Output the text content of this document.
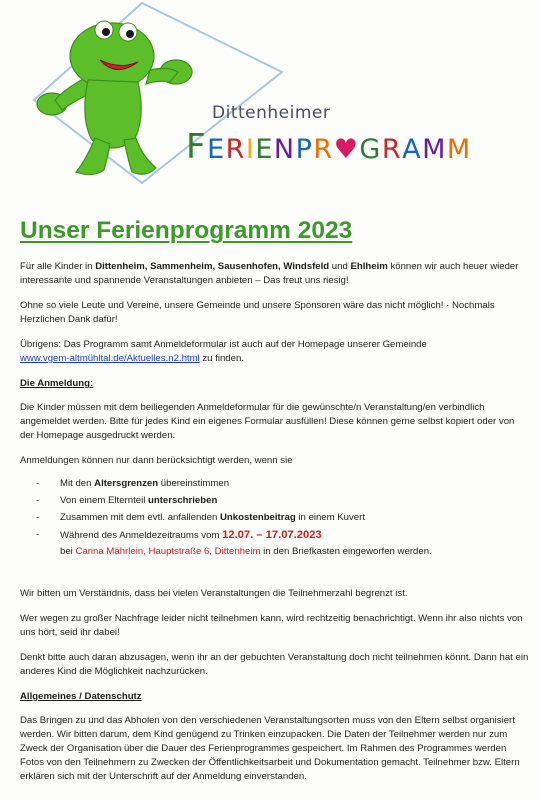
Dittenheimer
FERIENPR♥GRAMM
Unser Ferienprogramm 2023

Für alle Kinder in Dittenheim, Sammenheim, Sausenhofen, Windsfeld und Ehlheim können wir auch heuer wieder interessante und spannende Veranstaltungen anbieten – Das freut uns riesig!

Ohne so viele Leute und Vereine, unsere Gemeinde und unsere Sponsoren wäre das nicht möglich! · Nochmals Herzlichen Dank dafür!

Übrigens: Das Programm samt Anmeldeformular ist auch auf der Homepage unserer Gemeinde
www.vgem-altmühltal.de/Aktuelles.n2.html zu finden.

Die Anmeldung:

Die Kinder müssen mit dem beiliegenden Anmeldeformular für die gewünschte/n Veranstaltung/en verbindlich angemeldet werden. Bitte für jedes Kind ein eigenes Formular ausfüllen! Diese können gerne selbst kopiert oder von der Homepage ausgedruckt werden.

Anmeldungen können nur dann berücksichtigt werden, wenn sie

- Mit den Altersgrenzen übereinstimmen
- Von einem Elternteil unterschrieben
- Zusammen mit dem evtl. anfallenden Unkostenbeitrag in einem Kuvert
- Während des Anmeldezeitraums vom 12.07. – 17.07.2023
bei Carina Mährlein, Hauptstraße 6, Dittenheim in den Briefkasten eingeworfen werden.

Wir bitten um Verständnis, dass bei vielen Veranstaltungen die Teilnehmerzahl begrenzt ist.

Wer wegen zu großer Nachfrage leider nicht teilnehmen kann, wird rechtzeitig benachrichtigt. Wenn ihr also nichts von uns hört, seid ihr dabei!

Denkt bitte auch daran abzusagen, wenn ihr an der gebuchten Veranstaltung doch nicht teilnehmen könnt. Dann hat ein anderes Kind die Möglichkeit nachzurücken.

Allgemeines / Datenschutz

Das Bringen zu und das Abholen von den verschiedenen Veranstaltungsorten muss von den Eltern selbst organisiert werden. Wir bitten darum, dem Kind genügend zu Trinken einzupacken. Die Daten der Teilnehmer werden nur zum Zweck der Organisation über die Dauer des Ferienprogrammes gespeichert. Im Rahmen des Programmes werden Fotos von den Teilnehmern zu Zwecken der Öffentlichkeitsarbeit und Dokumentation gemacht. Teilnehmer bzw. Eltern erklären sich mit der Unterschrift auf der Anmeldung einverstanden.
